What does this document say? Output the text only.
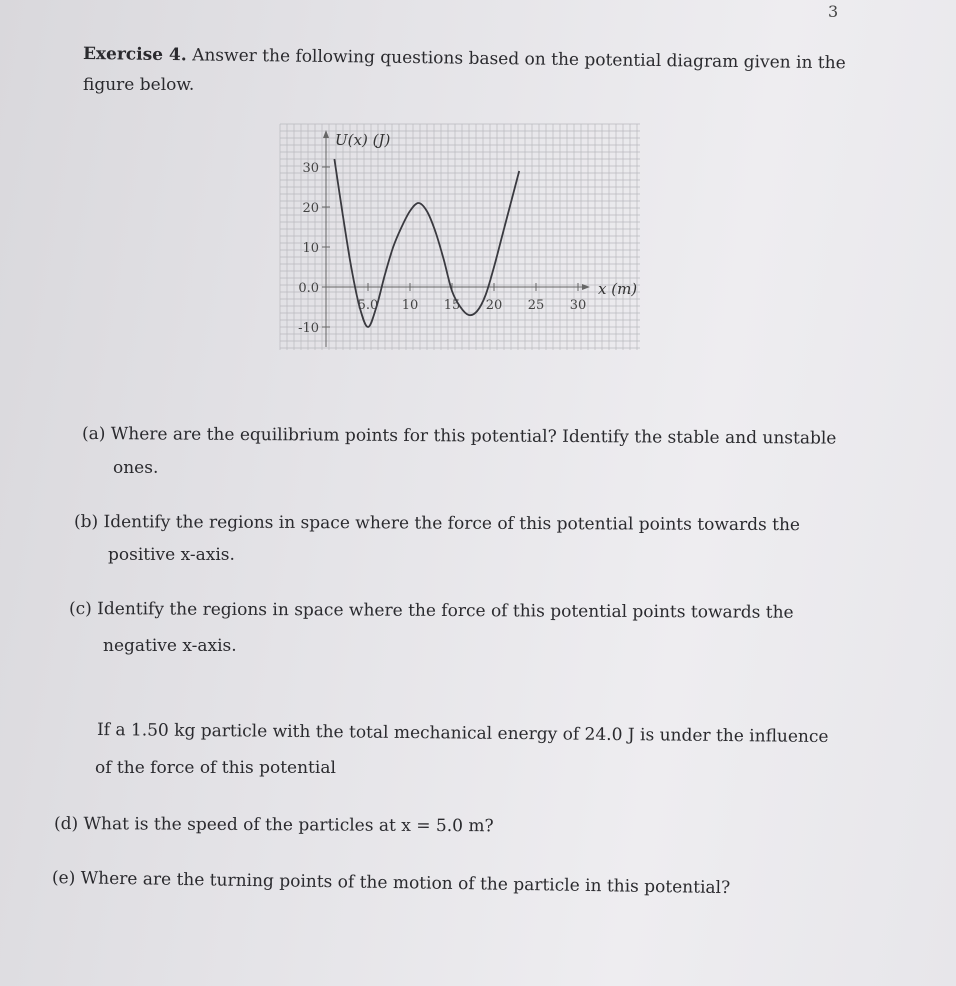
3
Exercise 4. Answer the following questions based on the potential diagram given in the
figure below.
30
20
10
0.0
-10
5.0 10 15 20 25 30
U(x) (J)
x (m)
(a) Where are the equilibrium points for this potential? Identify the stable and unstable
ones.
(b) Identify the regions in space where the force of this potential points towards the
positive x-axis.
(c) Identify the regions in space where the force of this potential points towards the
negative x-axis.
If a 1.50 kg particle with the total mechanical energy of 24.0 J is under the influence
of the force of this potential
(d) What is the speed of the particles at x = 5.0 m?
(e) Where are the turning points of the motion of the particle in this potential?
